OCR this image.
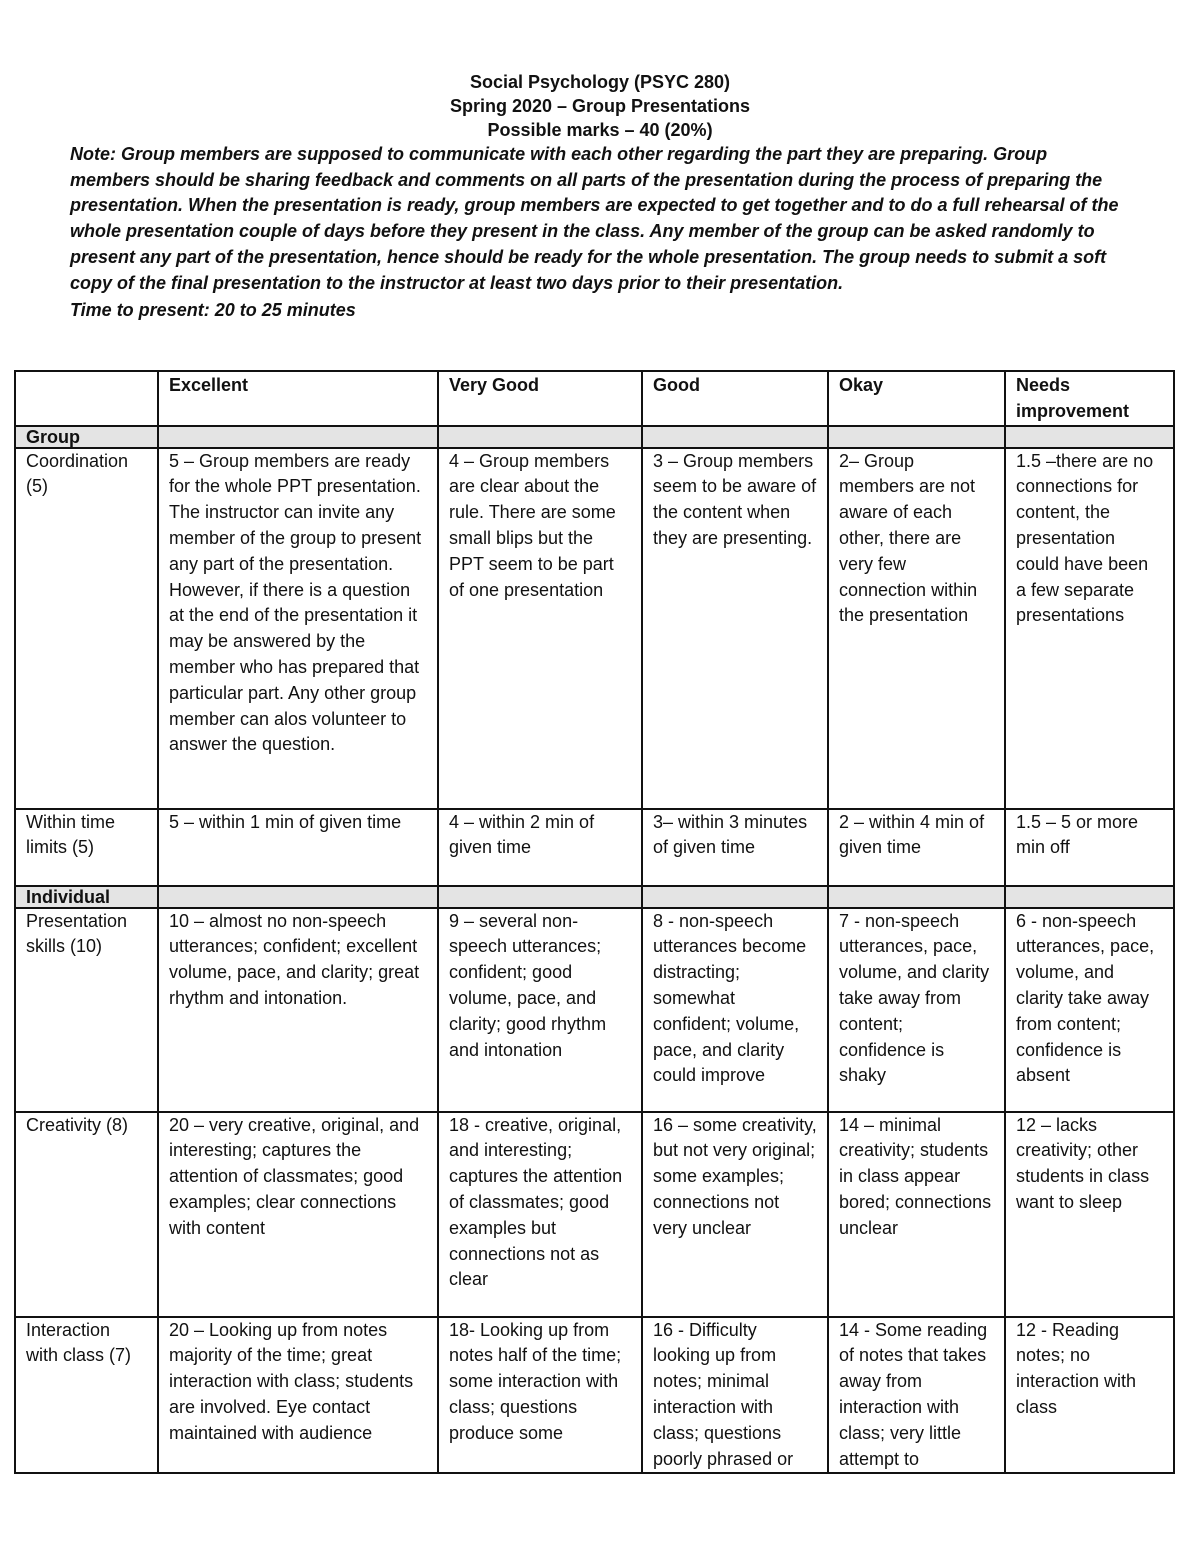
Social Psychology (PSYC 280)
Spring 2020 – Group Presentations
Possible marks – 40 (20%)
Note: Group members are supposed to communicate with each other regarding the part they are preparing. Group members should be sharing feedback and comments on all parts of the presentation during the process of preparing the presentation. When the presentation is ready, group members are expected to get together and to do a full rehearsal of the whole presentation couple of days before they present in the class. Any member of the group can be asked randomly to present any part of the presentation, hence should be ready for the whole presentation. The group needs to submit a soft copy of the final presentation to the instructor at least two days prior to their presentation.
Time to present: 20 to 25 minutes
	Excellent	Very Good	Good	Okay	Needs improvement
Group					
Coordination (5)	5 – Group members are ready for the whole PPT presentation. The instructor can invite any member of the group to present any part of the presentation. However, if there is a question at the end of the presentation it may be answered by the member who has prepared that particular part. Any other group member can alos volunteer to answer the question.	4 – Group members are clear about the rule. There are some small blips but the PPT seem to be part of one presentation	3 – Group members seem to be aware of the content when they are presenting.	2– Group members are not aware of each other, there are very few connection within the presentation	1.5 –there are no connections for content, the presentation could have been a few separate presentations
Within time limits (5)	5 – within 1 min of given time	4 – within 2 min of given time	3– within 3 minutes of given time	2 – within 4 min of given time	1.5 – 5 or more min off
Individual					
Presentation skills (10)	10 – almost no non-speech utterances; confident; excellent volume, pace, and clarity; great rhythm and intonation.	9 – several non-speech utterances; confident; good volume, pace, and clarity; good rhythm and intonation	8 - non-speech utterances become distracting; somewhat confident; volume, pace, and clarity could improve	7 - non-speech utterances, pace, volume, and clarity take away from content; confidence is shaky	6 - non-speech utterances, pace, volume, and clarity take away from content; confidence is absent
Creativity (8)	20 – very creative, original, and interesting; captures the attention of classmates; good examples; clear connections with content	18 - creative, original, and interesting; captures the attention of classmates; good examples but connections not as clear	16 – some creativity, but not very original; some examples; connections not very unclear	14 – minimal creativity; students in class appear bored; connections unclear	12 – lacks creativity; other students in class want to sleep
Interaction with class (7)	20 – Looking up from notes majority of the time; great interaction with class; students are involved. Eye contact maintained with audience	18- Looking up from notes half of the time; some interaction with class; questions produce some	16 - Difficulty looking up from notes; minimal interaction with class; questions poorly phrased or	14 - Some reading of notes that takes away from interaction with class; very little attempt to	12 - Reading notes; no interaction with class
